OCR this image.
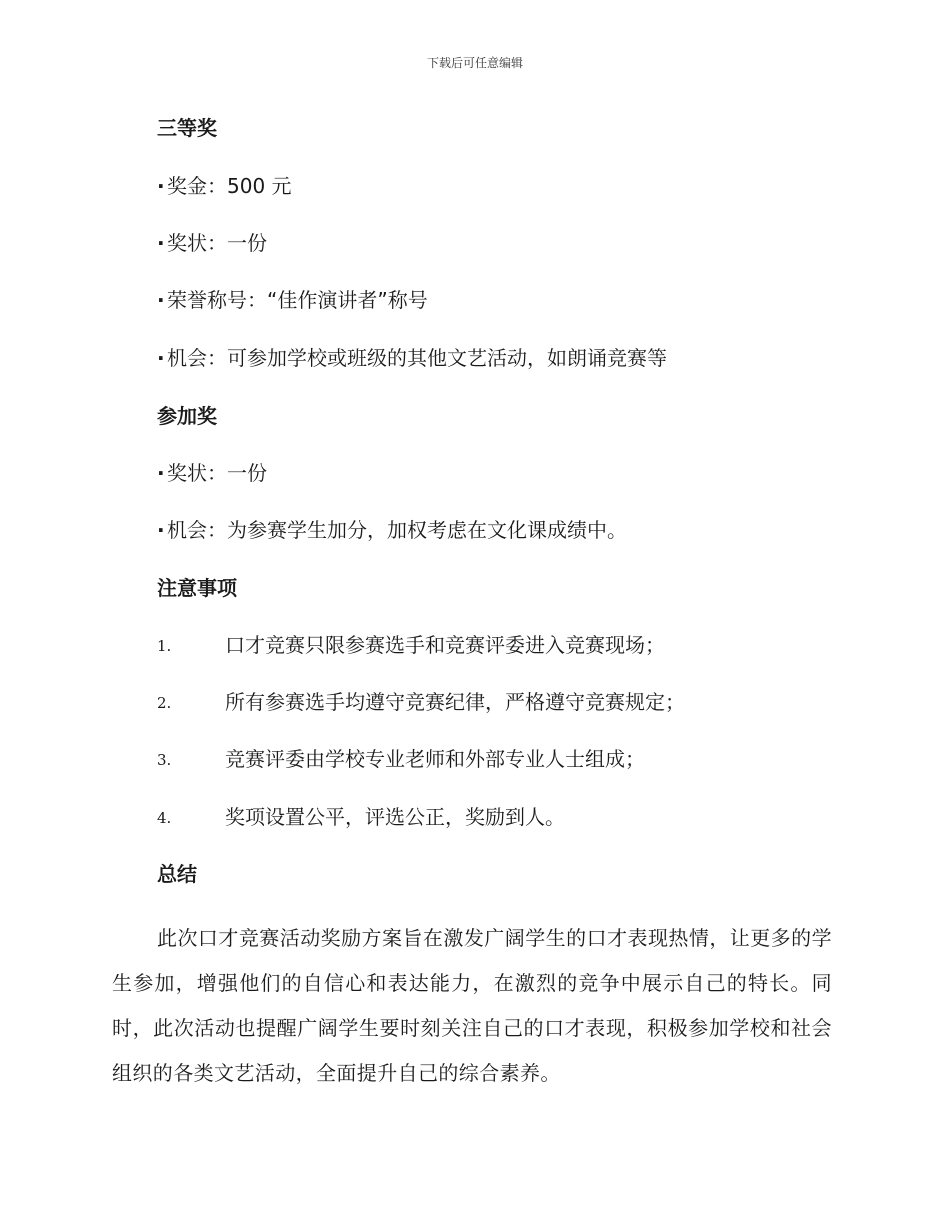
下载后可任意编辑
三等奖
· 奖金：500 元
· 奖状：一份
· 荣誉称号：“佳作演讲者”称号
· 机会：可参加学校或班级的其他文艺活动，如朗诵竞赛等
参加奖
· 奖状：一份
· 机会：为参赛学生加分，加权考虑在文化课成绩中。
注意事项
1.	口才竞赛只限参赛选手和竞赛评委进入竞赛现场；
2.	所有参赛选手均遵守竞赛纪律，严格遵守竞赛规定；
3.	竞赛评委由学校专业老师和外部专业人士组成；
4.	奖项设置公平，评选公正，奖励到人。
总结

此次口才竞赛活动奖励方案旨在激发广阔学生的口才表现热情，让更多的学生参加，增强他们的自信心和表达能力，在激烈的竞争中展示自己的特长。同时，此次活动也提醒广阔学生要时刻关注自己的口才表现，积极参加学校和社会组织的各类文艺活动，全面提升自己的综合素养。
